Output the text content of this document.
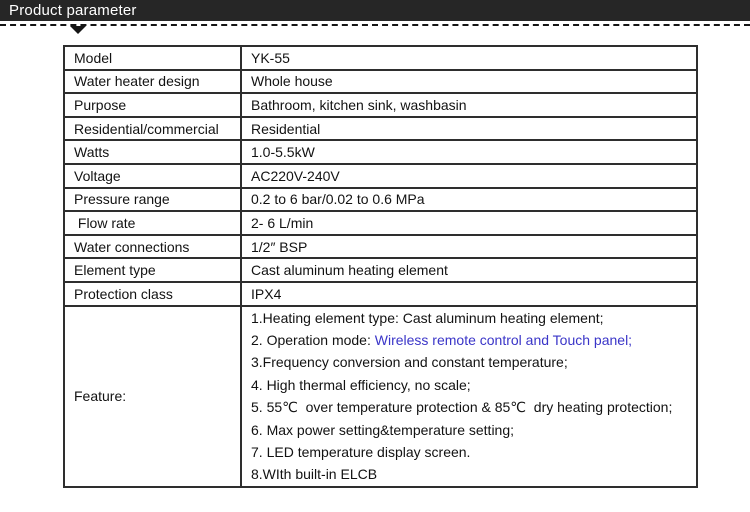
Product parameter
Model	YK-55
Water heater design	Whole house
Purpose	Bathroom, kitchen sink, washbasin
Residential/commercial	Residential
Watts	1.0-5.5kW
Voltage	AC220V-240V
Pressure range	0.2 to 6 bar/0.02 to 0.6 MPa
Flow rate	2- 6 L/min
Water connections	1/2″ BSP
Element type	Cast aluminum heating element
Protection class	IPX4
Feature:	
1.Heating element type: Cast aluminum heating element;
2. Operation mode: Wireless remote control and Touch panel;
3.Frequency conversion and constant temperature;
4. High thermal efficiency, no scale;
5. 55℃  over temperature protection & 85℃  dry heating protection;
6. Max power setting&temperature setting;
7. LED temperature display screen.
8.WIth built-in ELCB
